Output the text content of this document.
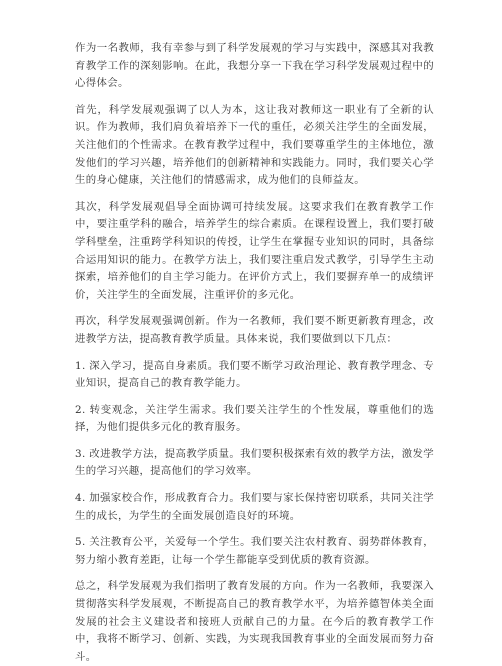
作为一名教师，我有幸参与到了科学发展观的学习与实践中，深感其对我教育教学工作的深刻影响。在此，我想分享一下我在学习科学发展观过程中的心得体会。

首先，科学发展观强调了以人为本，这让我对教师这一职业有了全新的认识。作为教师，我们肩负着培养下一代的重任，必须关注学生的全面发展，关注他们的个性需求。在教育教学过程中，我们要尊重学生的主体地位，激发他们的学习兴趣，培养他们的创新精神和实践能力。同时，我们要关心学生的身心健康，关注他们的情感需求，成为他们的良师益友。

其次，科学发展观倡导全面协调可持续发展。这要求我们在教育教学工作中，要注重学科的融合，培养学生的综合素质。在课程设置上，我们要打破学科壁垒，注重跨学科知识的传授，让学生在掌握专业知识的同时，具备综合运用知识的能力。在教学方法上，我们要注重启发式教学，引导学生主动探索，培养他们的自主学习能力。在评价方式上，我们要摒弃单一的成绩评价，关注学生的全面发展，注重评价的多元化。

再次，科学发展观强调创新。作为一名教师，我们要不断更新教育理念，改进教学方法，提高教育教学质量。具体来说，我们要做到以下几点：

1. 深入学习，提高自身素质。我们要不断学习政治理论、教育教学理念、专业知识，提高自己的教育教学能力。

2. 转变观念，关注学生需求。我们要关注学生的个性发展，尊重他们的选择，为他们提供多元化的教育服务。

3. 改进教学方法，提高教学质量。我们要积极探索有效的教学方法，激发学生的学习兴趣，提高他们的学习效率。

4. 加强家校合作，形成教育合力。我们要与家长保持密切联系，共同关注学生的成长，为学生的全面发展创造良好的环境。

5. 关注教育公平，关爱每一个学生。我们要关注农村教育、弱势群体教育，努力缩小教育差距，让每一个学生都能享受到优质的教育资源。

总之，科学发展观为我们指明了教育发展的方向。作为一名教师，我要深入贯彻落实科学发展观，不断提高自己的教育教学水平，为培养德智体美全面发展的社会主义建设者和接班人贡献自己的力量。在今后的教育教学工作中，我将不断学习、创新、实践，为实现我国教育事业的全面发展而努力奋斗。
